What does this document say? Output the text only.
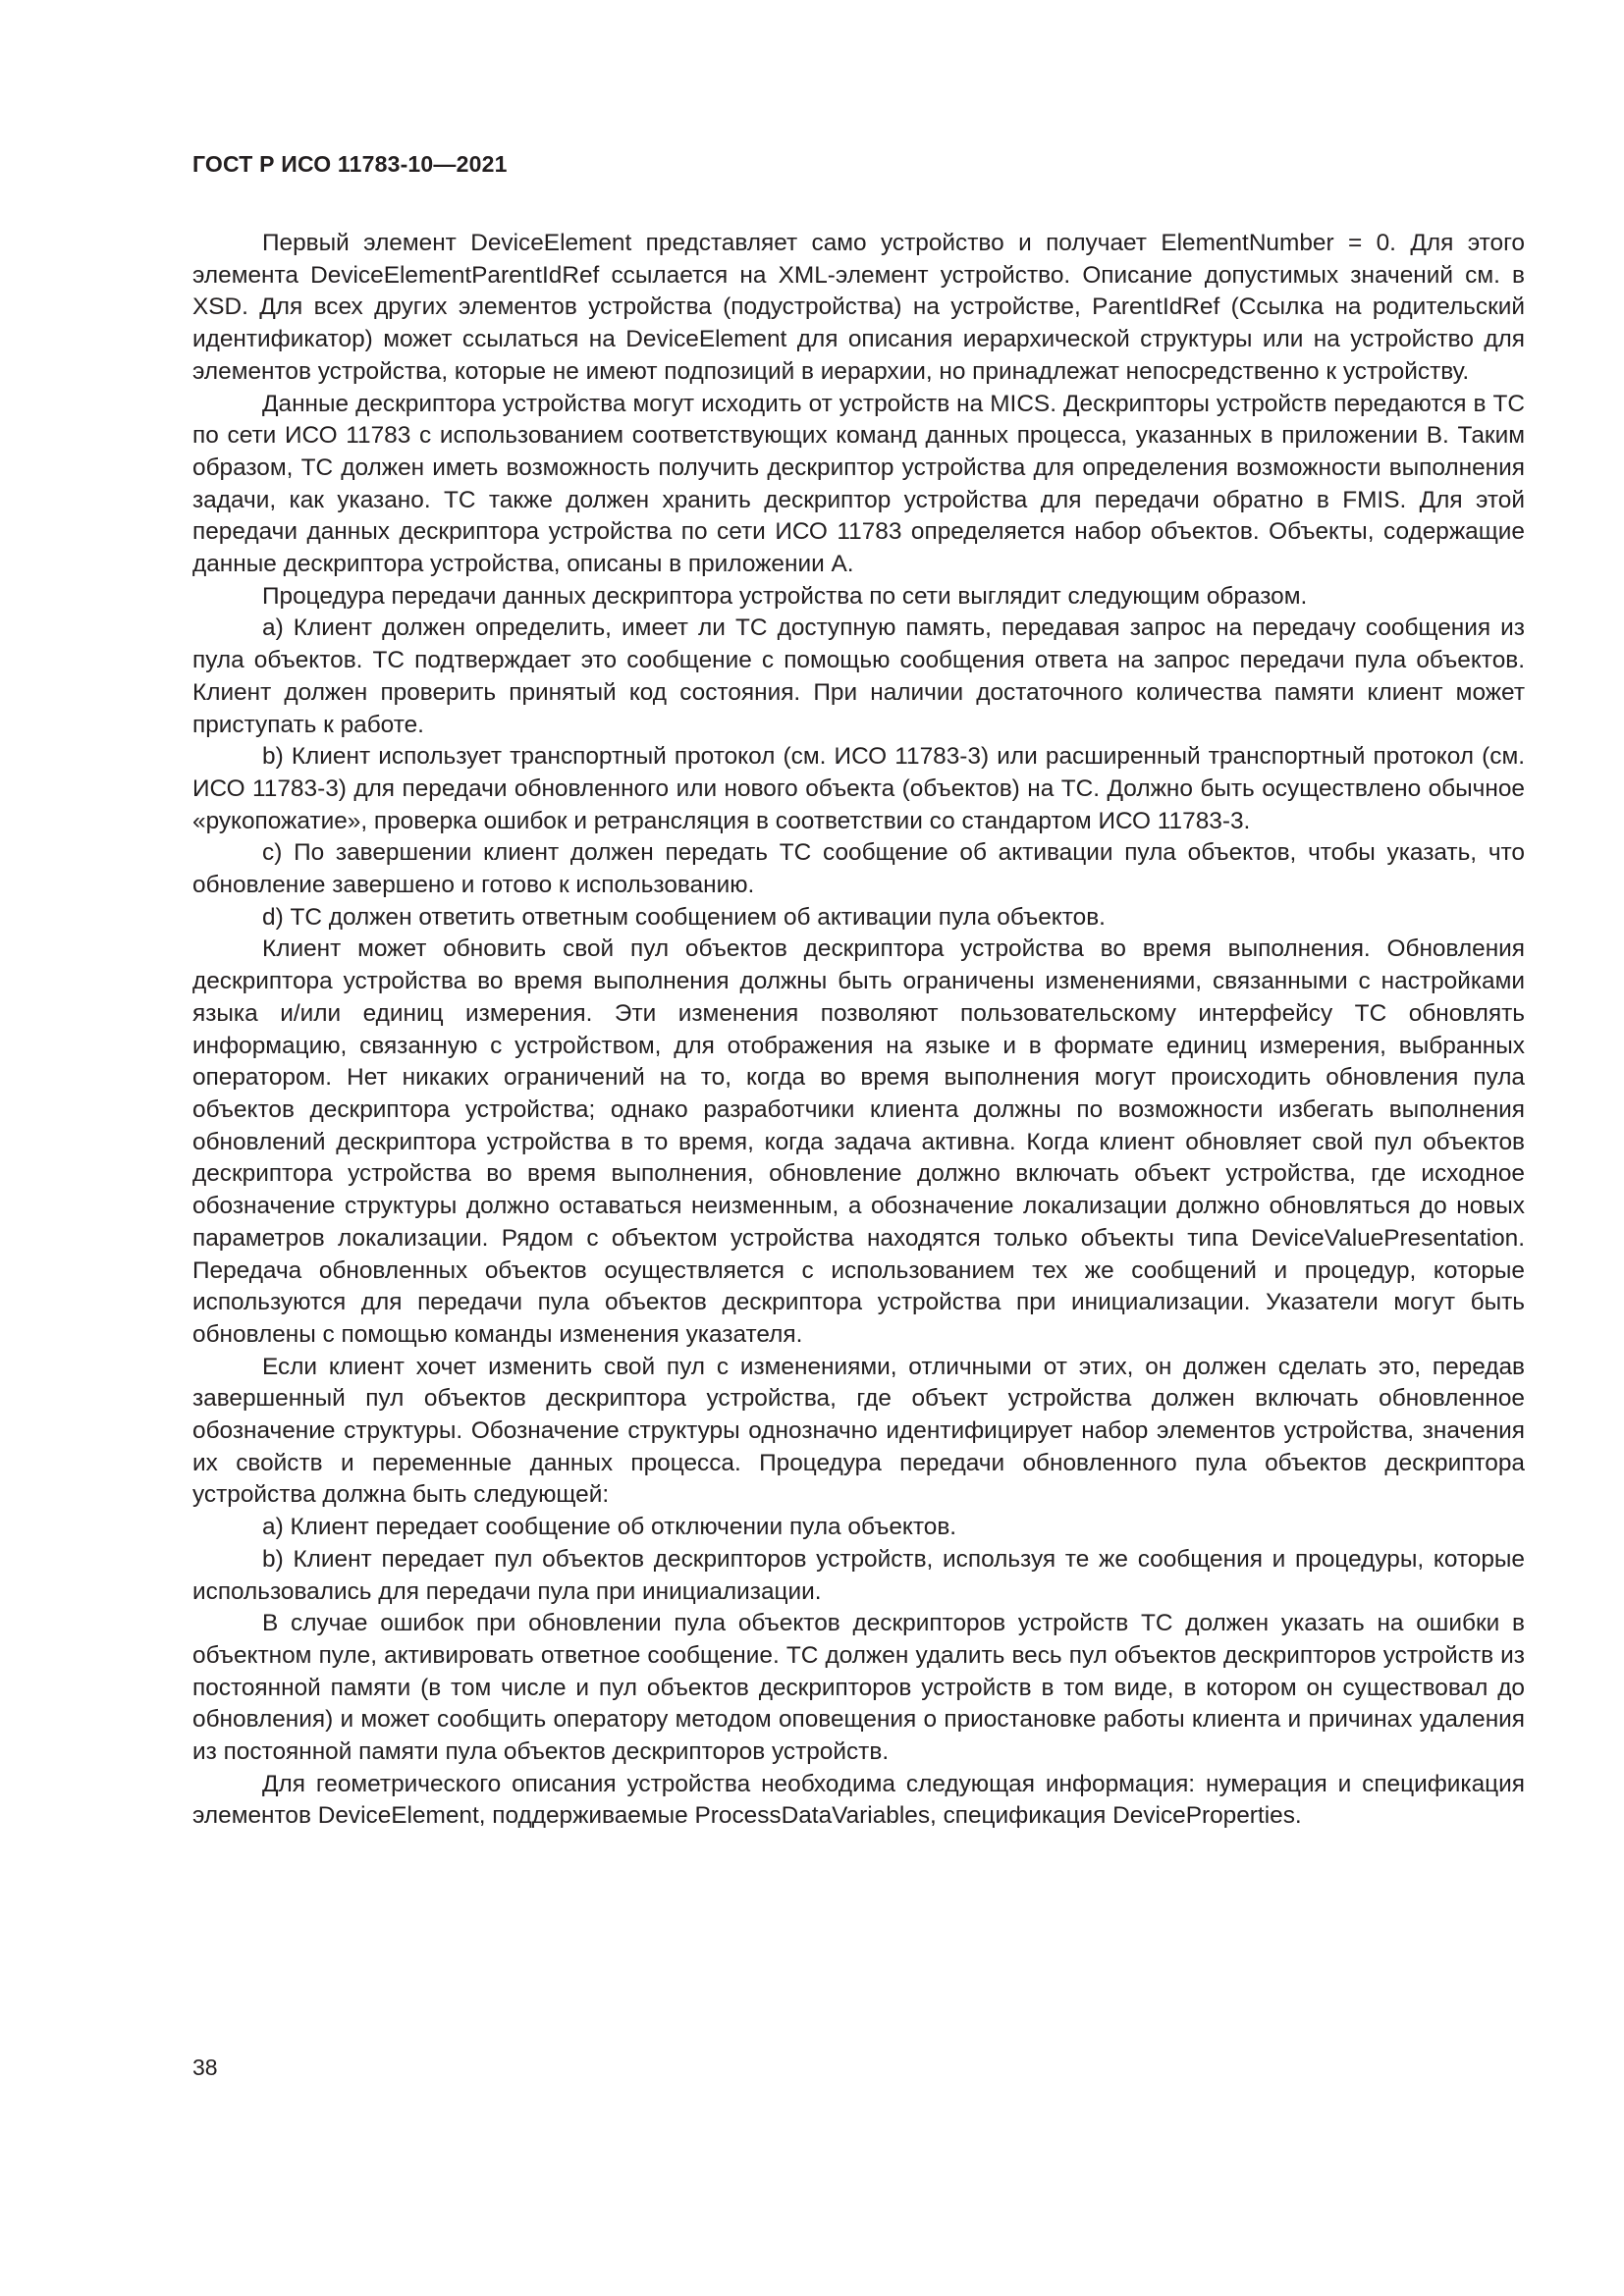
ГОСТ Р ИСО 11783-10—2021

Первый элемент DeviceElement представляет само устройство и получает ElementNumber = 0. Для этого элемента DeviceElementParentIdRef ссылается на XML-элемент устройство. Описание допустимых значений см. в XSD. Для всех других элементов устройства (подустройства) на устройстве, ParentIdRef (Ссылка на родительский идентификатор) может ссылаться на DeviceElement для описания иерархической структуры или на устройство для элементов устройства, которые не имеют подпозиций в иерархии, но принадлежат непосредственно к устройству.

Данные дескриптора устройства могут исходить от устройств на MICS. Дескрипторы устройств передаются в ТС по сети ИСО 11783 с использованием соответствующих команд данных процесса, указанных в приложении В. Таким образом, ТС должен иметь возможность получить дескриптор устройства для определения возможности выполнения задачи, как указано. ТС также должен хранить дескриптор устройства для передачи обратно в FMIS. Для этой передачи данных дескриптора устройства по сети ИСО 11783 определяется набор объектов. Объекты, содержащие данные дескриптора устройства, описаны в приложении А.

Процедура передачи данных дескриптора устройства по сети выглядит следующим образом.

a) Клиент должен определить, имеет ли ТС доступную память, передавая запрос на передачу сообщения из пула объектов. ТС подтверждает это сообщение с помощью сообщения ответа на запрос передачи пула объектов. Клиент должен проверить принятый код состояния. При наличии достаточного количества памяти клиент может приступать к работе.

b) Клиент использует транспортный протокол (см. ИСО 11783-3) или расширенный транспортный протокол (см. ИСО 11783-3) для передачи обновленного или нового объекта (объектов) на ТС. Должно быть осуществлено обычное «рукопожатие», проверка ошибок и ретрансляция в соответствии со стандартом ИСО 11783-3.

c) По завершении клиент должен передать ТС сообщение об активации пула объектов, чтобы указать, что обновление завершено и готово к использованию.

d) ТС должен ответить ответным сообщением об активации пула объектов.

Клиент может обновить свой пул объектов дескриптора устройства во время выполнения. Обновления дескриптора устройства во время выполнения должны быть ограничены изменениями, связанными с настройками языка и/или единиц измерения. Эти изменения позволяют пользовательскому интерфейсу ТС обновлять информацию, связанную с устройством, для отображения на языке и в формате единиц измерения, выбранных оператором. Нет никаких ограничений на то, когда во время выполнения могут происходить обновления пула объектов дескриптора устройства; однако разработчики клиента должны по возможности избегать выполнения обновлений дескриптора устройства в то время, когда задача активна. Когда клиент обновляет свой пул объектов дескриптора устройства во время выполнения, обновление должно включать объект устройства, где исходное обозначение структуры должно оставаться неизменным, а обозначение локализации должно обновляться до новых параметров локализации. Рядом с объектом устройства находятся только объекты типа DeviceValuePresentation. Передача обновленных объектов осуществляется с использованием тех же сообщений и процедур, которые используются для передачи пула объектов дескриптора устройства при инициализации. Указатели могут быть обновлены с помощью команды изменения указателя.

Если клиент хочет изменить свой пул с изменениями, отличными от этих, он должен сделать это, передав завершенный пул объектов дескриптора устройства, где объект устройства должен включать обновленное обозначение структуры. Обозначение структуры однозначно идентифицирует набор элементов устройства, значения их свойств и переменные данных процесса. Процедура передачи обновленного пула объектов дескриптора устройства должна быть следующей:

a) Клиент передает сообщение об отключении пула объектов.

b) Клиент передает пул объектов дескрипторов устройств, используя те же сообщения и процедуры, которые использовались для передачи пула при инициализации.

В случае ошибок при обновлении пула объектов дескрипторов устройств ТС должен указать на ошибки в объектном пуле, активировать ответное сообщение. ТС должен удалить весь пул объектов дескрипторов устройств из постоянной памяти (в том числе и пул объектов дескрипторов устройств в том виде, в котором он существовал до обновления) и может сообщить оператору методом оповещения о приостановке работы клиента и причинах удаления из постоянной памяти пула объектов дескрипторов устройств.

Для геометрического описания устройства необходима следующая информация: нумерация и спецификация элементов DeviceElement, поддерживаемые ProcessDataVariables, спецификация DeviceProperties.

38
